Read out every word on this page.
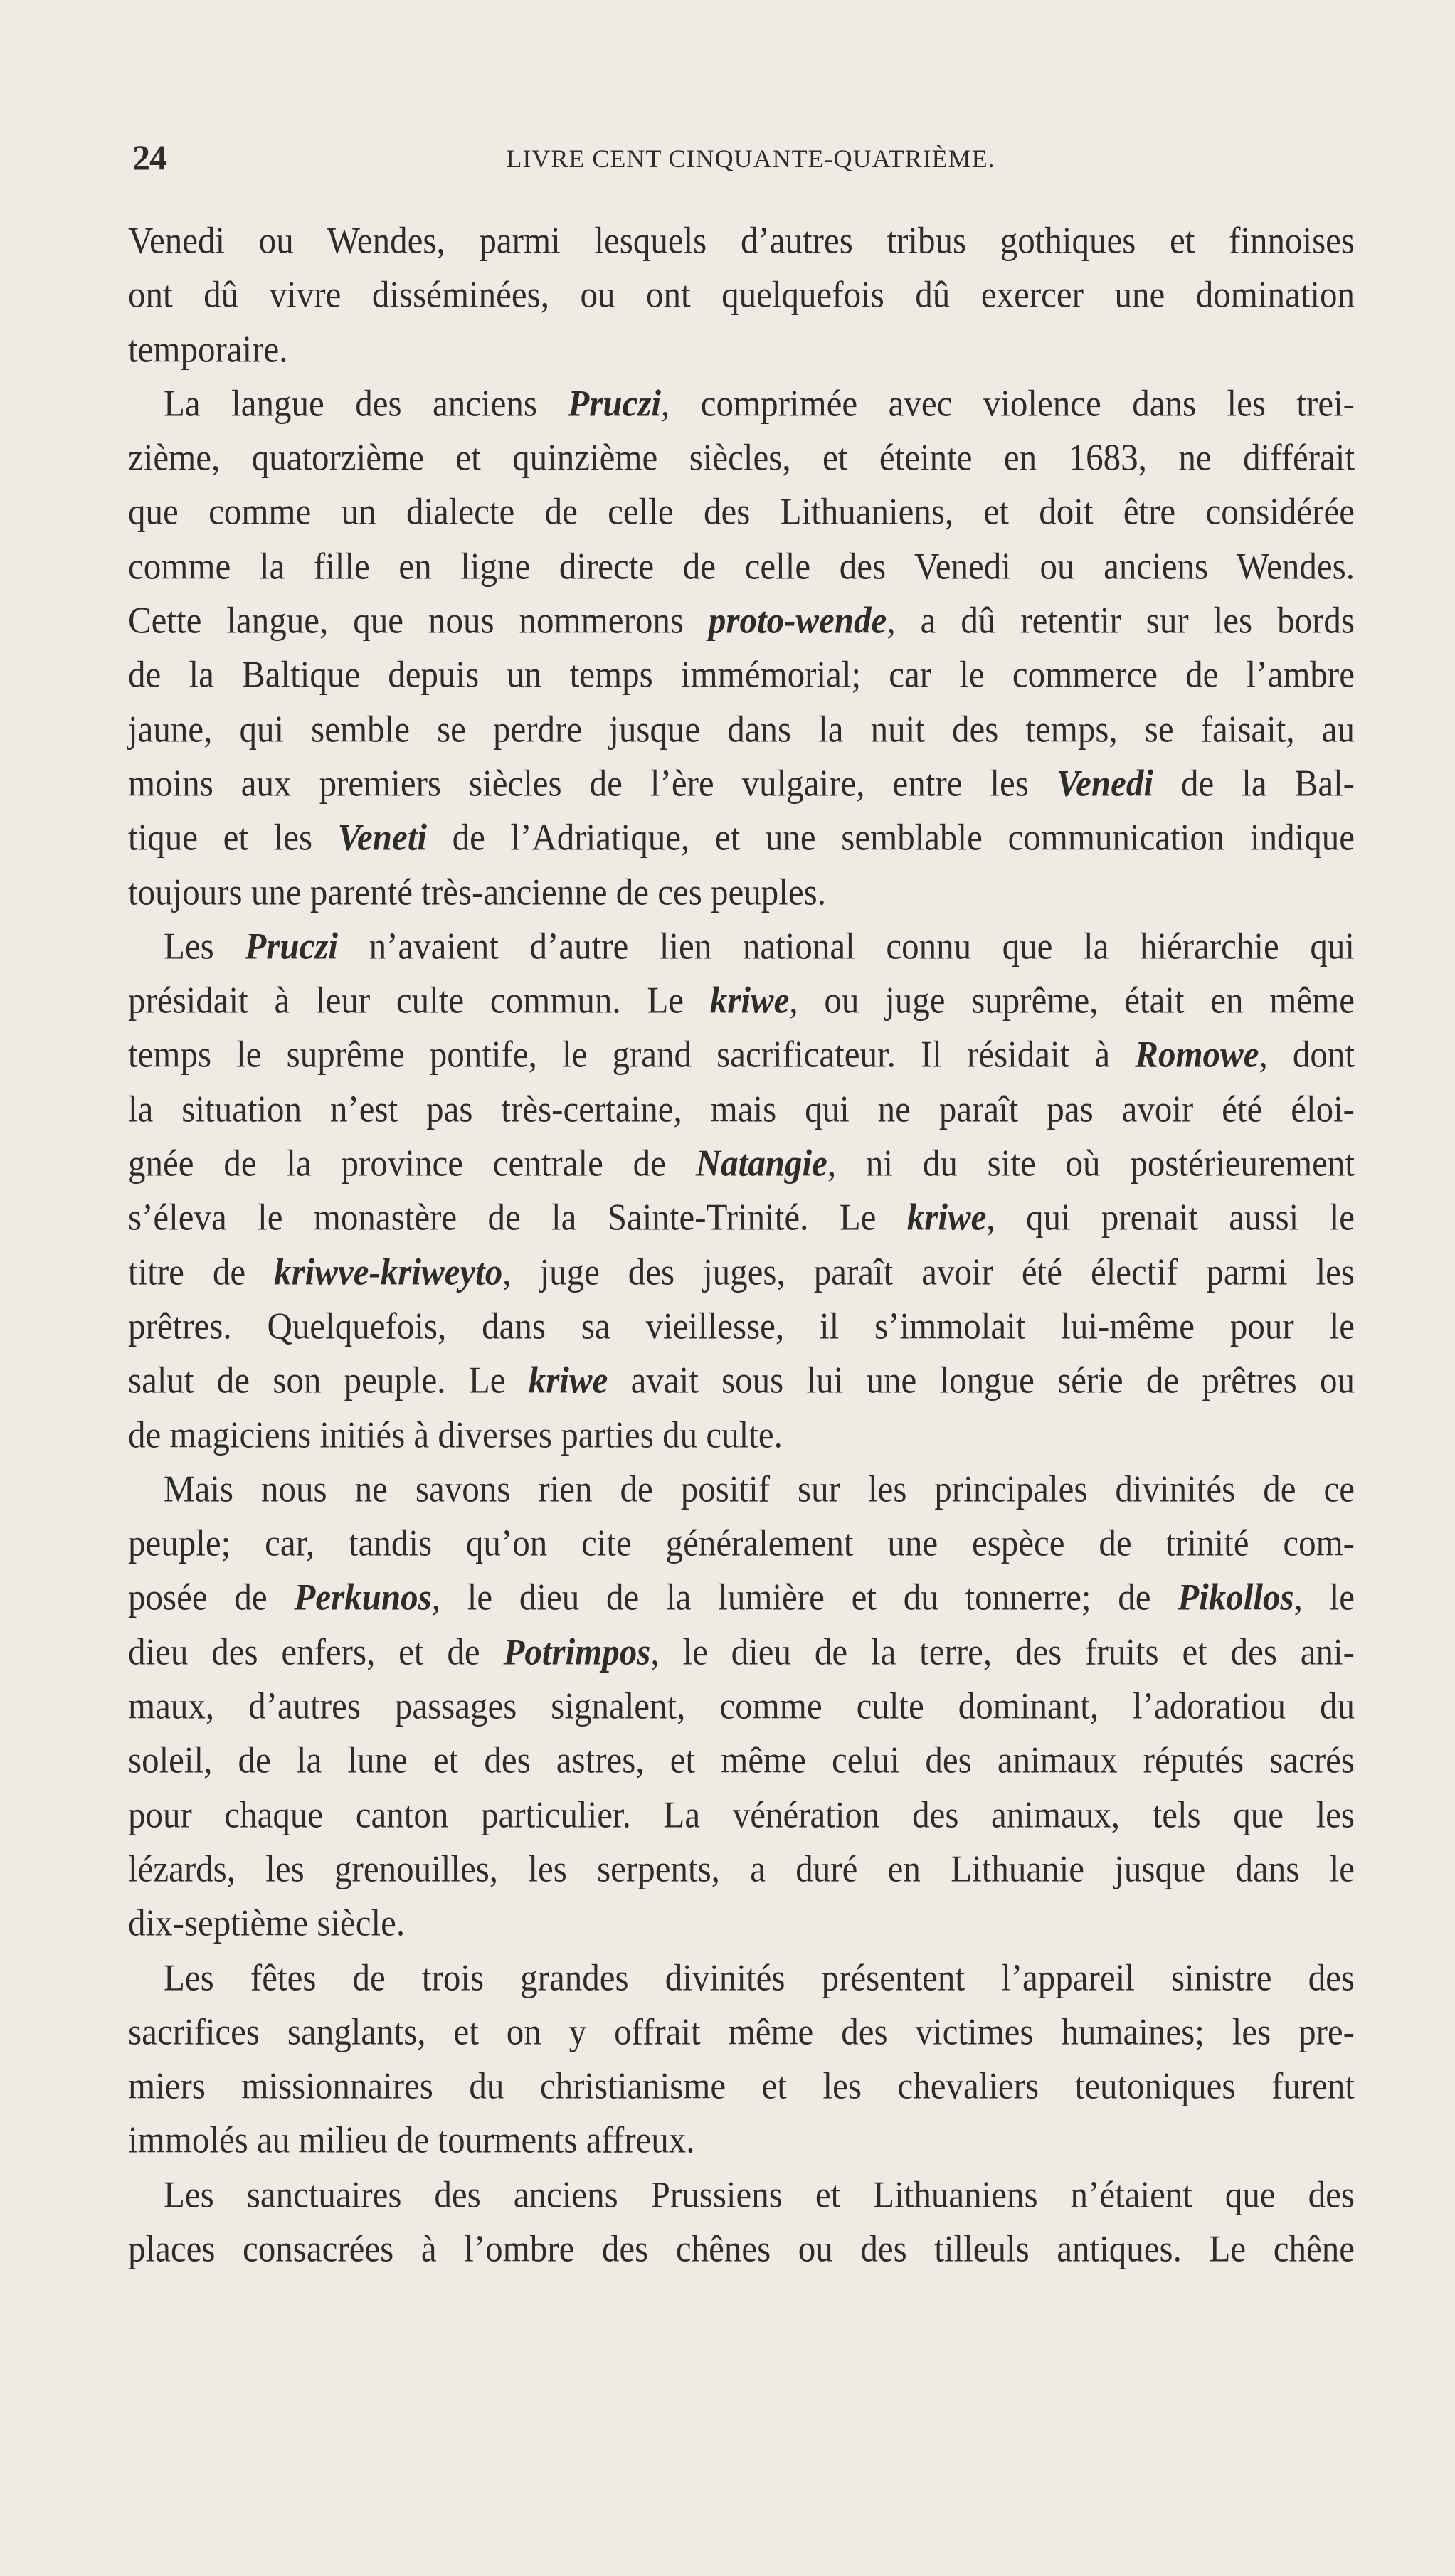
24	LIVRE CENT CINQUANTE-QUATRIÈME.
Venedi ou Wendes, parmi lesquels d’autres tribus gothiques et finnoises
ont dû vivre disséminées, ou ont quelquefois dû exercer une domination
temporaire.
La langue des anciens Pruczi, comprimée avec violence dans les trei-
zième, quatorzième et quinzième siècles, et éteinte en 1683, ne différait
que comme un dialecte de celle des Lithuaniens, et doit être considérée
comme la fille en ligne directe de celle des Venedi ou anciens Wendes.
Cette langue, que nous nommerons proto-wende, a dû retentir sur les bords
de la Baltique depuis un temps immémorial; car le commerce de l’ambre
jaune, qui semble se perdre jusque dans la nuit des temps, se faisait, au
moins aux premiers siècles de l’ère vulgaire, entre les Venedi de la Bal-
tique et les Veneti de l’Adriatique, et une semblable communication indique
toujours une parenté très-ancienne de ces peuples.
Les Pruczi n’avaient d’autre lien national connu que la hiérarchie qui
présidait à leur culte commun. Le kriwe, ou juge suprême, était en même
temps le suprême pontife, le grand sacrificateur. Il résidait à Romowe, dont
la situation n’est pas très-certaine, mais qui ne paraît pas avoir été éloi-
gnée de la province centrale de Natangie, ni du site où postérieurement
s’éleva le monastère de la Sainte-Trinité. Le kriwe, qui prenait aussi le
titre de kriwve-kriweyto, juge des juges, paraît avoir été électif parmi les
prêtres. Quelquefois, dans sa vieillesse, il s’immolait lui-même pour le
salut de son peuple. Le kriwe avait sous lui une longue série de prêtres ou
de magiciens initiés à diverses parties du culte.
Mais nous ne savons rien de positif sur les principales divinités de ce
peuple; car, tandis qu’on cite généralement une espèce de trinité com-
posée de Perkunos, le dieu de la lumière et du tonnerre; de Pikollos, le
dieu des enfers, et de Potrimpos, le dieu de la terre, des fruits et des ani-
maux, d’autres passages signalent, comme culte dominant, l’adoratiou du
soleil, de la lune et des astres, et même celui des animaux réputés sacrés
pour chaque canton particulier. La vénération des animaux, tels que les
lézards, les grenouilles, les serpents, a duré en Lithuanie jusque dans le
dix-septième siècle.
Les fêtes de trois grandes divinités présentent l’appareil sinistre des
sacrifices sanglants, et on y offrait même des victimes humaines; les pre-
miers missionnaires du christianisme et les chevaliers teutoniques furent
immolés au milieu de tourments affreux.
Les sanctuaires des anciens Prussiens et Lithuaniens n’étaient que des
places consacrées à l’ombre des chênes ou des tilleuls antiques. Le chêne
